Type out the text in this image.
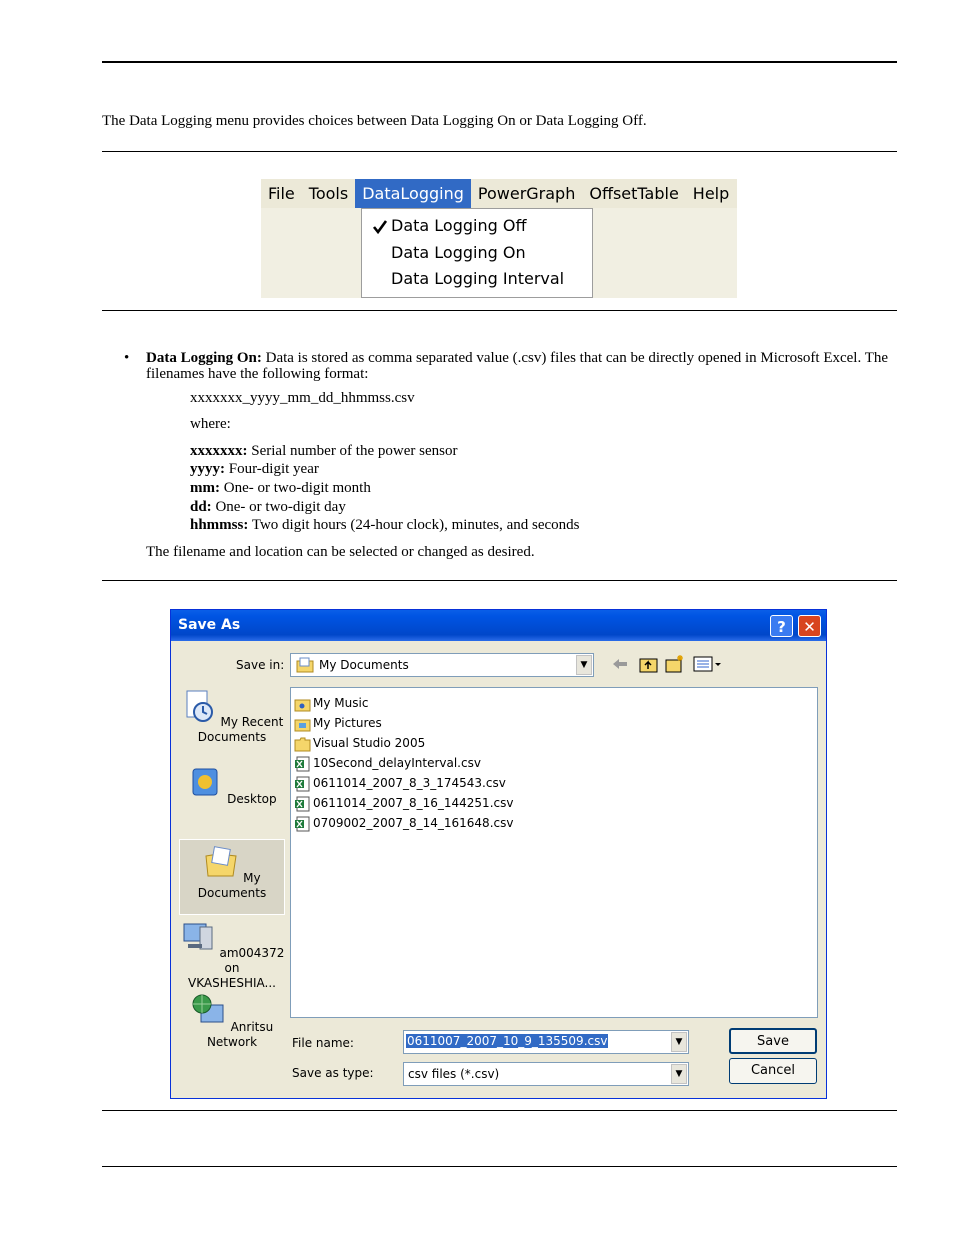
The Data Logging menu provides choices between Data Logging On or Data Logging Off.
File Tools DataLogging PowerGraph OffsetTable Help
Data Logging Off
Data Logging On
Data Logging Interval
• Data Logging On: Data is stored as comma separated value (.csv) files that can be directly opened in Microsoft Excel. The filenames have the following format:
xxxxxxx_yyyy_mm_dd_hhmmss.csv
where:
xxxxxxx: Serial number of the power sensor
yyyy: Four-digit year
mm: One- or two-digit month
dd: One- or two-digit day
hhmmss: Two digit hours (24-hour clock), minutes, and seconds
The filename and location can be selected or changed as desired.
Save As	?	✕
Save in:	My Documents	▼
My Recent Documents
Desktop
My Documents
am004372 on VKASHESHIA...
Anritsu Network
My Music
My Pictures
Visual Studio 2005
10Second_delayInterval.csv
0611014_2007_8_3_174543.csv
0611014_2007_8_16_144251.csv
0709002_2007_8_14_161648.csv
File name:	0611007_2007_10_9_135509.csv	▼
Save as type:	csv files (*.csv)	▼
Save
Cancel
